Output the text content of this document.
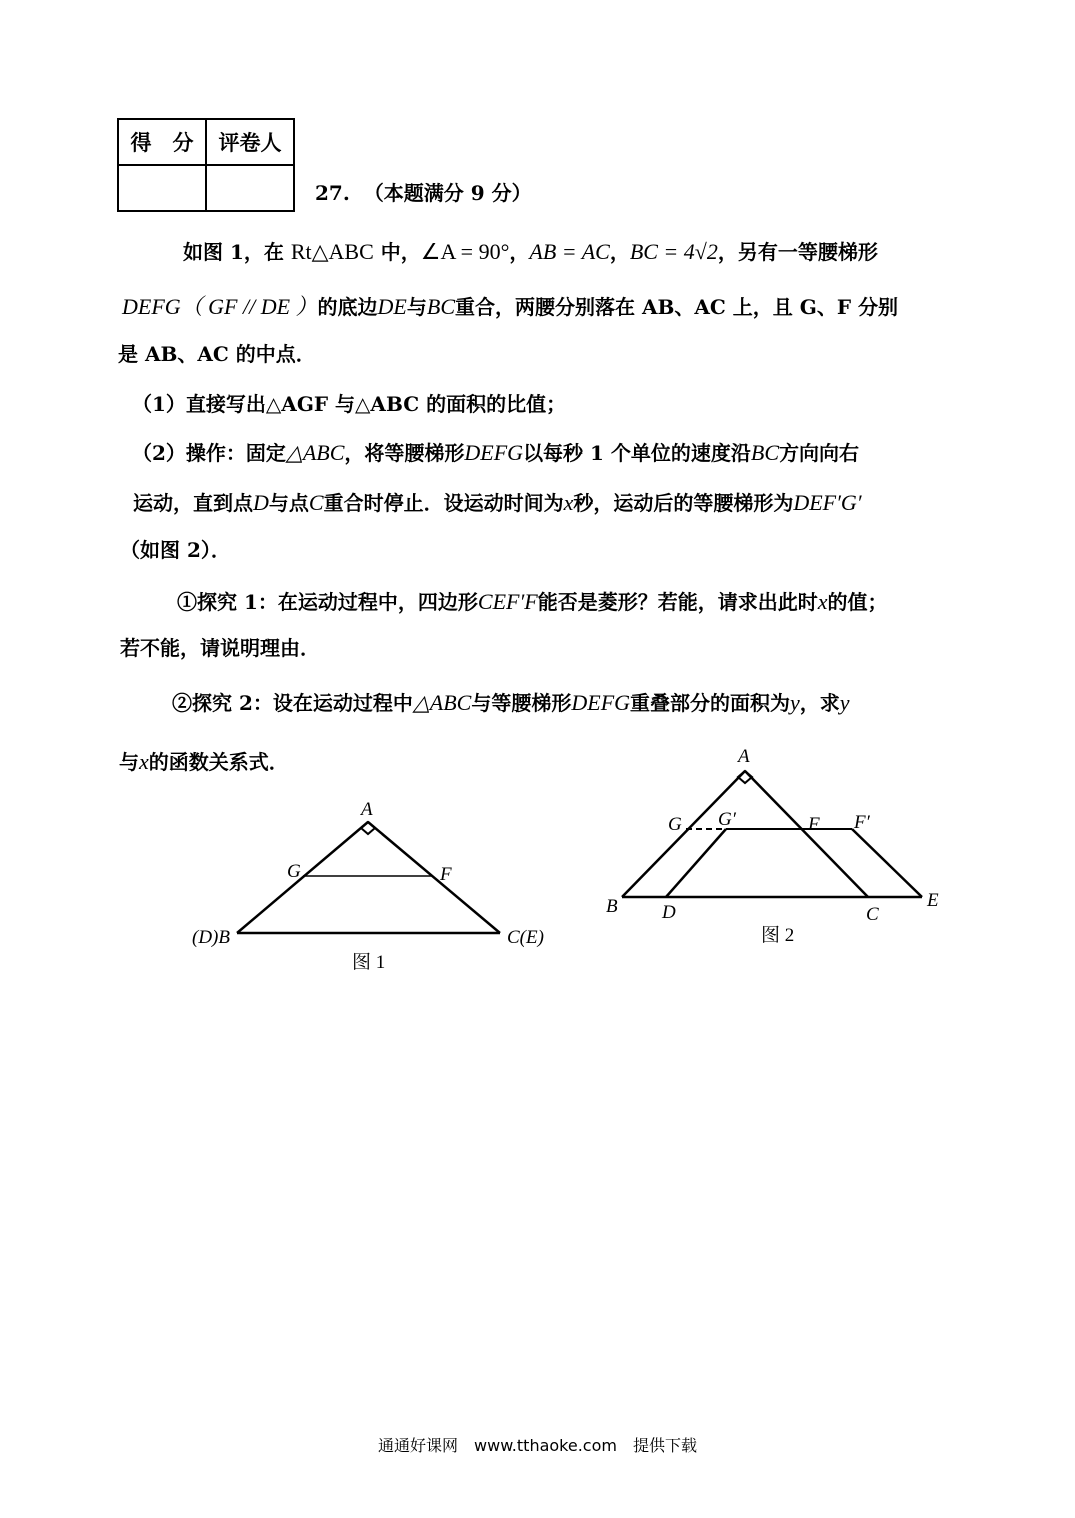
得　分	评卷人

27. （本题满分 9 分）
如图 1，在 Rt△ABC 中，∠A = 90°，AB = AC，BC = 4√2，另有一等腰梯形
DEFG（ GF // DE ）的底边DE与BC重合，两腰分别落在 AB、AC 上，且 G、F 分别
是 AB、AC 的中点．
（1）直接写出△AGF 与△ABC 的面积的比值；
（2）操作：固定△ABC，将等腰梯形DEFG以每秒 1 个单位的速度沿BC方向向右
运动，直到点D与点C重合时停止．设运动时间为x秒，运动后的等腰梯形为DEF′G′
（如图 2）．
①探究 1：在运动过程中，四边形CEF′F能否是菱形？若能，请求出此时x的值；
若不能，请说明理由．
②探究 2：设在运动过程中△ABC与等腰梯形DEFG重叠部分的面积为y，求y
与x的函数关系式．
A
G	F
(D)B	C(E)
图 1
A
G G′	F F′
B D	C
E
图 2
通通好课网　www.tthaoke.com　提供下载
